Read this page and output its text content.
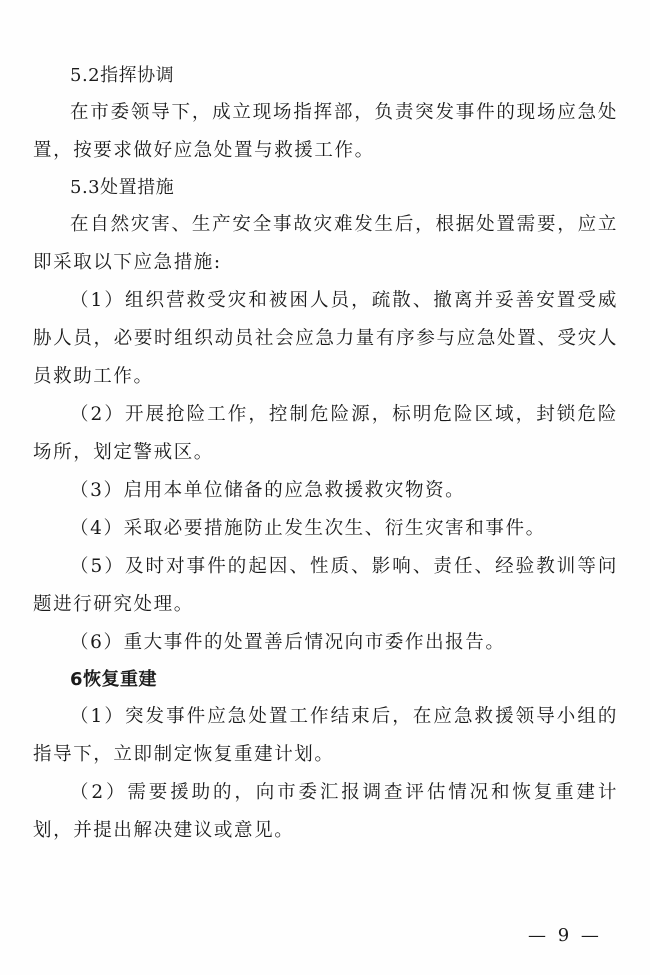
5.2指挥协调

在市委领导下，成立现场指挥部，负责突发事件的现场应急处置，按要求做好应急处置与救援工作。

5.3处置措施

在自然灾害、生产安全事故灾难发生后，根据处置需要，应立即采取以下应急措施:

（1）组织营救受灾和被困人员，疏散、撤离并妥善安置受威胁人员，必要时组织动员社会应急力量有序参与应急处置、受灾人员救助工作。

（2）开展抢险工作，控制危险源，标明危险区域，封锁危险场所，划定警戒区。

（3）启用本单位储备的应急救援救灾物资。

（4）采取必要措施防止发生次生、衍生灾害和事件。

（5）及时对事件的起因、性质、影响、责任、经验教训等问题进行研究处理。

（6）重大事件的处置善后情况向市委作出报告。

6恢复重建

（1）突发事件应急处置工作结束后，在应急救援领导小组的指导下，立即制定恢复重建计划。

（2）需要援助的，向市委汇报调查评估情况和恢复重建计划，并提出解决建议或意见。

— 9 —
